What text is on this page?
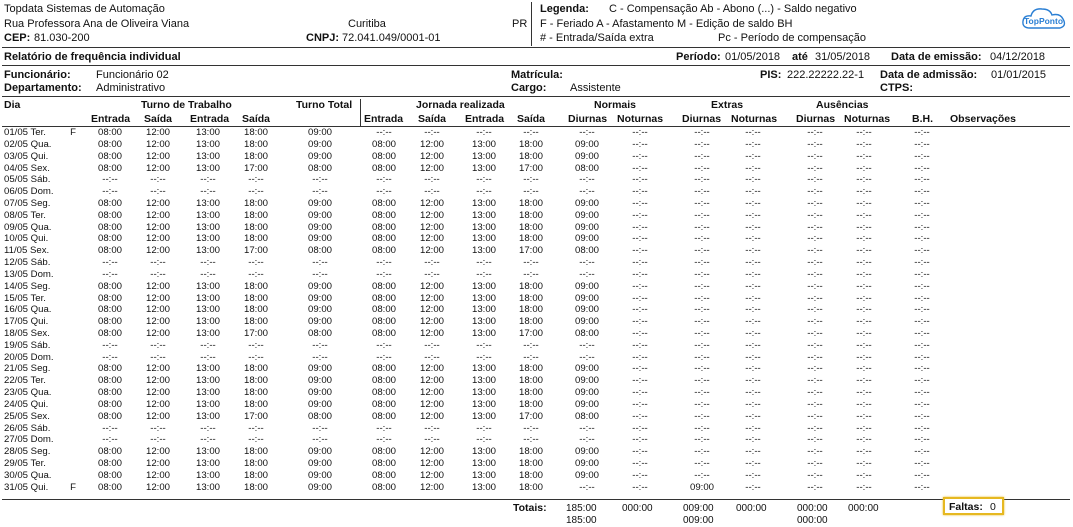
Topdata Sistemas de Automação
Rua Professora Ana de Oliveira Viana
CEP: 81.030-200
Curitiba	PR
CNPJ: 72.041.049/0001-01
Legenda: C - Compensação Ab - Abono (...) - Saldo negativo
F - Feriado A - Afastamento M - Edição de saldo BH
# - Entrada/Saída extra	Pc - Período de compensação
TopPonto
Relatório de frequência individual	Período: 01/05/2018 até 31/05/2018 Data de emissão: 04/12/2018
Funcionário: Funcionário 02
Departamento: Administrativo
Matrícula:
Cargo: Assistente
PIS: 222.22222.22-1 Data de admissão: 01/01/2015
CTPS:
Dia	Turno de Trabalho	Turno Total	Jornada realizada	Normais	Extras	Ausências
Entrada Saída Entrada Saída	Entrada Saída Entrada Saída Diurnas Noturnas Diurnas Noturnas Diurnas Noturnas B.H. Observações
01/05 Ter.	F	08:00	12:00	13:00	18:00	09:00	--:--	--:--	--:--	--:--	--:--	--:--	--:--	--:--	--:--	--:--	--:--
02/05 Qua.	08:00	12:00	13:00	18:00	09:00	08:00	12:00	13:00	18:00	09:00	--:--	--:--	--:--	--:--	--:--	--:--
03/05 Qui.	08:00	12:00	13:00	18:00	09:00	08:00	12:00	13:00	18:00	09:00	--:--	--:--	--:--	--:--	--:--	--:--
04/05 Sex.	08:00	12:00	13:00	17:00	08:00	08:00	12:00	13:00	17:00	08:00	--:--	--:--	--:--	--:--	--:--	--:--
05/05 Sáb.	--:--	--:--	--:--	--:--	--:--	--:--	--:--	--:--	--:--	--:--	--:--	--:--	--:--	--:--	--:--	--:--
06/05 Dom.	--:--	--:--	--:--	--:--	--:--	--:--	--:--	--:--	--:--	--:--	--:--	--:--	--:--	--:--	--:--	--:--
07/05 Seg.	08:00	12:00	13:00	18:00	09:00	08:00	12:00	13:00	18:00	09:00	--:--	--:--	--:--	--:--	--:--	--:--
08/05 Ter.	08:00	12:00	13:00	18:00	09:00	08:00	12:00	13:00	18:00	09:00	--:--	--:--	--:--	--:--	--:--	--:--
09/05 Qua.	08:00	12:00	13:00	18:00	09:00	08:00	12:00	13:00	18:00	09:00	--:--	--:--	--:--	--:--	--:--	--:--
10/05 Qui.	08:00	12:00	13:00	18:00	09:00	08:00	12:00	13:00	18:00	09:00	--:--	--:--	--:--	--:--	--:--	--:--
11/05 Sex.	08:00	12:00	13:00	17:00	08:00	08:00	12:00	13:00	17:00	08:00	--:--	--:--	--:--	--:--	--:--	--:--
12/05 Sáb.	--:--	--:--	--:--	--:--	--:--	--:--	--:--	--:--	--:--	--:--	--:--	--:--	--:--	--:--	--:--	--:--
13/05 Dom.	--:--	--:--	--:--	--:--	--:--	--:--	--:--	--:--	--:--	--:--	--:--	--:--	--:--	--:--	--:--	--:--
14/05 Seg.	08:00	12:00	13:00	18:00	09:00	08:00	12:00	13:00	18:00	09:00	--:--	--:--	--:--	--:--	--:--	--:--
15/05 Ter.	08:00	12:00	13:00	18:00	09:00	08:00	12:00	13:00	18:00	09:00	--:--	--:--	--:--	--:--	--:--	--:--
16/05 Qua.	08:00	12:00	13:00	18:00	09:00	08:00	12:00	13:00	18:00	09:00	--:--	--:--	--:--	--:--	--:--	--:--
17/05 Qui.	08:00	12:00	13:00	18:00	09:00	08:00	12:00	13:00	18:00	09:00	--:--	--:--	--:--	--:--	--:--	--:--
18/05 Sex.	08:00	12:00	13:00	17:00	08:00	08:00	12:00	13:00	17:00	08:00	--:--	--:--	--:--	--:--	--:--	--:--
19/05 Sáb.	--:--	--:--	--:--	--:--	--:--	--:--	--:--	--:--	--:--	--:--	--:--	--:--	--:--	--:--	--:--	--:--
20/05 Dom.	--:--	--:--	--:--	--:--	--:--	--:--	--:--	--:--	--:--	--:--	--:--	--:--	--:--	--:--	--:--	--:--
21/05 Seg.	08:00	12:00	13:00	18:00	09:00	08:00	12:00	13:00	18:00	09:00	--:--	--:--	--:--	--:--	--:--	--:--
22/05 Ter.	08:00	12:00	13:00	18:00	09:00	08:00	12:00	13:00	18:00	09:00	--:--	--:--	--:--	--:--	--:--	--:--
23/05 Qua.	08:00	12:00	13:00	18:00	09:00	08:00	12:00	13:00	18:00	09:00	--:--	--:--	--:--	--:--	--:--	--:--
24/05 Qui.	08:00	12:00	13:00	18:00	09:00	08:00	12:00	13:00	18:00	09:00	--:--	--:--	--:--	--:--	--:--	--:--
25/05 Sex.	08:00	12:00	13:00	17:00	08:00	08:00	12:00	13:00	17:00	08:00	--:--	--:--	--:--	--:--	--:--	--:--
26/05 Sáb.	--:--	--:--	--:--	--:--	--:--	--:--	--:--	--:--	--:--	--:--	--:--	--:--	--:--	--:--	--:--	--:--
27/05 Dom.	--:--	--:--	--:--	--:--	--:--	--:--	--:--	--:--	--:--	--:--	--:--	--:--	--:--	--:--	--:--	--:--
28/05 Seg.	08:00	12:00	13:00	18:00	09:00	08:00	12:00	13:00	18:00	09:00	--:--	--:--	--:--	--:--	--:--	--:--
29/05 Ter.	08:00	12:00	13:00	18:00	09:00	08:00	12:00	13:00	18:00	09:00	--:--	--:--	--:--	--:--	--:--	--:--
30/05 Qua.	08:00	12:00	13:00	18:00	09:00	08:00	12:00	13:00	18:00	09:00	--:--	--:--	--:--	--:--	--:--	--:--
31/05 Qui.	F	08:00	12:00	13:00	18:00	09:00	08:00	12:00	13:00	18:00	--:--	--:--	09:00	--:--	--:--	--:--	--:--
Totais: 185:00	000:00	009:00 000:00	000:00 000:00
185:00	009:00	000:00
Faltas: 0
